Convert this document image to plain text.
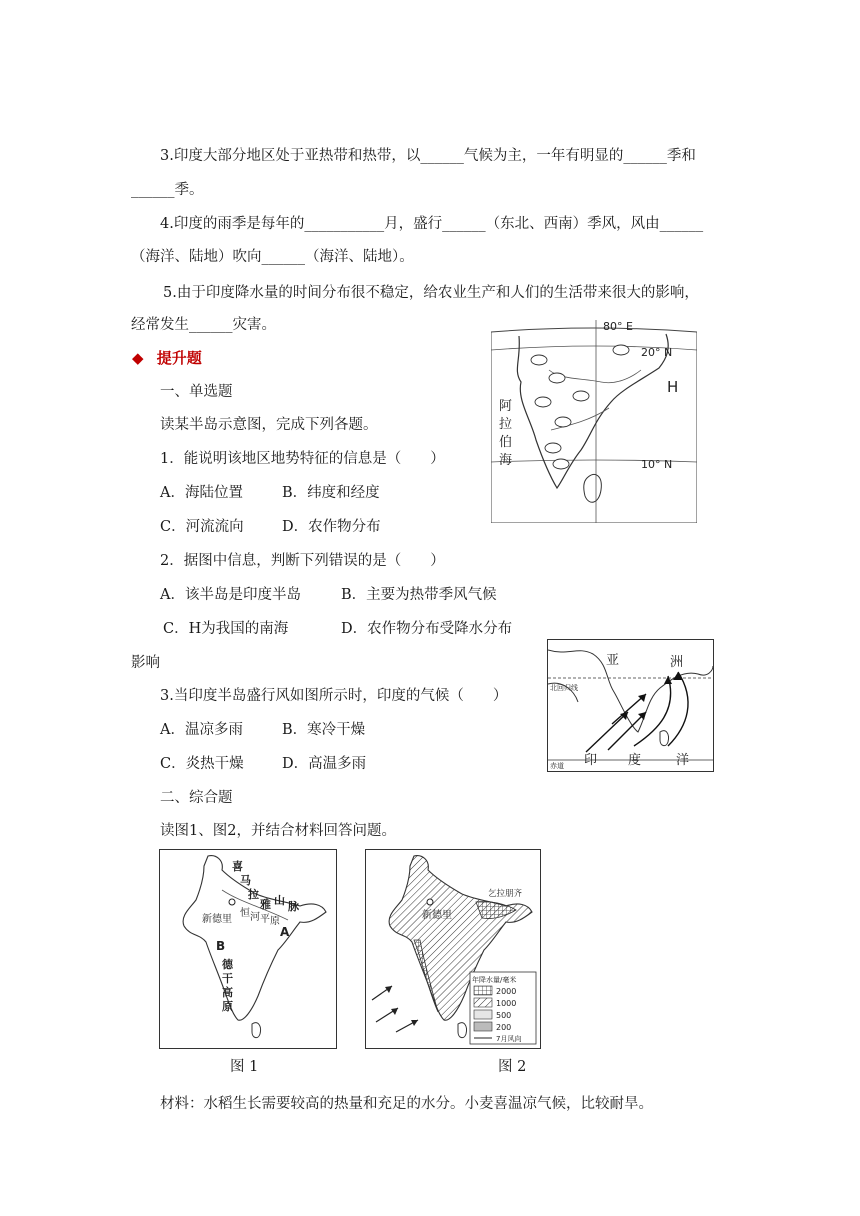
3.印度大部分地区处于亚热带和热带，以______气候为主，一年有明显的______季和
______季。
4.印度的雨季是每年的___________月，盛行______（东北、西南）季风，风由______
（海洋、陆地）吹向______（海洋、陆地）。
5.由于印度降水量的时间分布很不稳定，给农业生产和人们的生活带来很大的影响，
经常发生______灾害。
◆ 提升题
一、单选题
读某半岛示意图，完成下列各题。
1．能说明该地区地势特征的信息是（　　）
A．海陆位置	B．纬度和经度
C．河流流向	D．农作物分布
2．据图中信息，判断下列错误的是（　　）
A．该半岛是印度半岛	B．主要为热带季风气候
C．H为我国的南海	D．农作物分布受降水分布
影响
3.当印度半岛盛行风如图所示时，印度的气候（　　）
A．温凉多雨	B．寒冷干燥
C．炎热干燥	D．高温多雨
二、综合题
读图1、图2，并结合材料回答问题。
材料：水稻生长需要较高的热量和充足的水分。小麦喜温凉气候，比较耐旱。
80° E
20° N
10° N
H
阿
拉
伯
海
亚	洲
北回归线
赤道 印 度	洋
喜
马
拉
雅 山 脉
恒 河 平 原
新德里
A
B
德
干
高
原
图 1
新德里
乞拉朋齐
年降水量/毫米
2000
1000
500
200
7月风向
图 2
